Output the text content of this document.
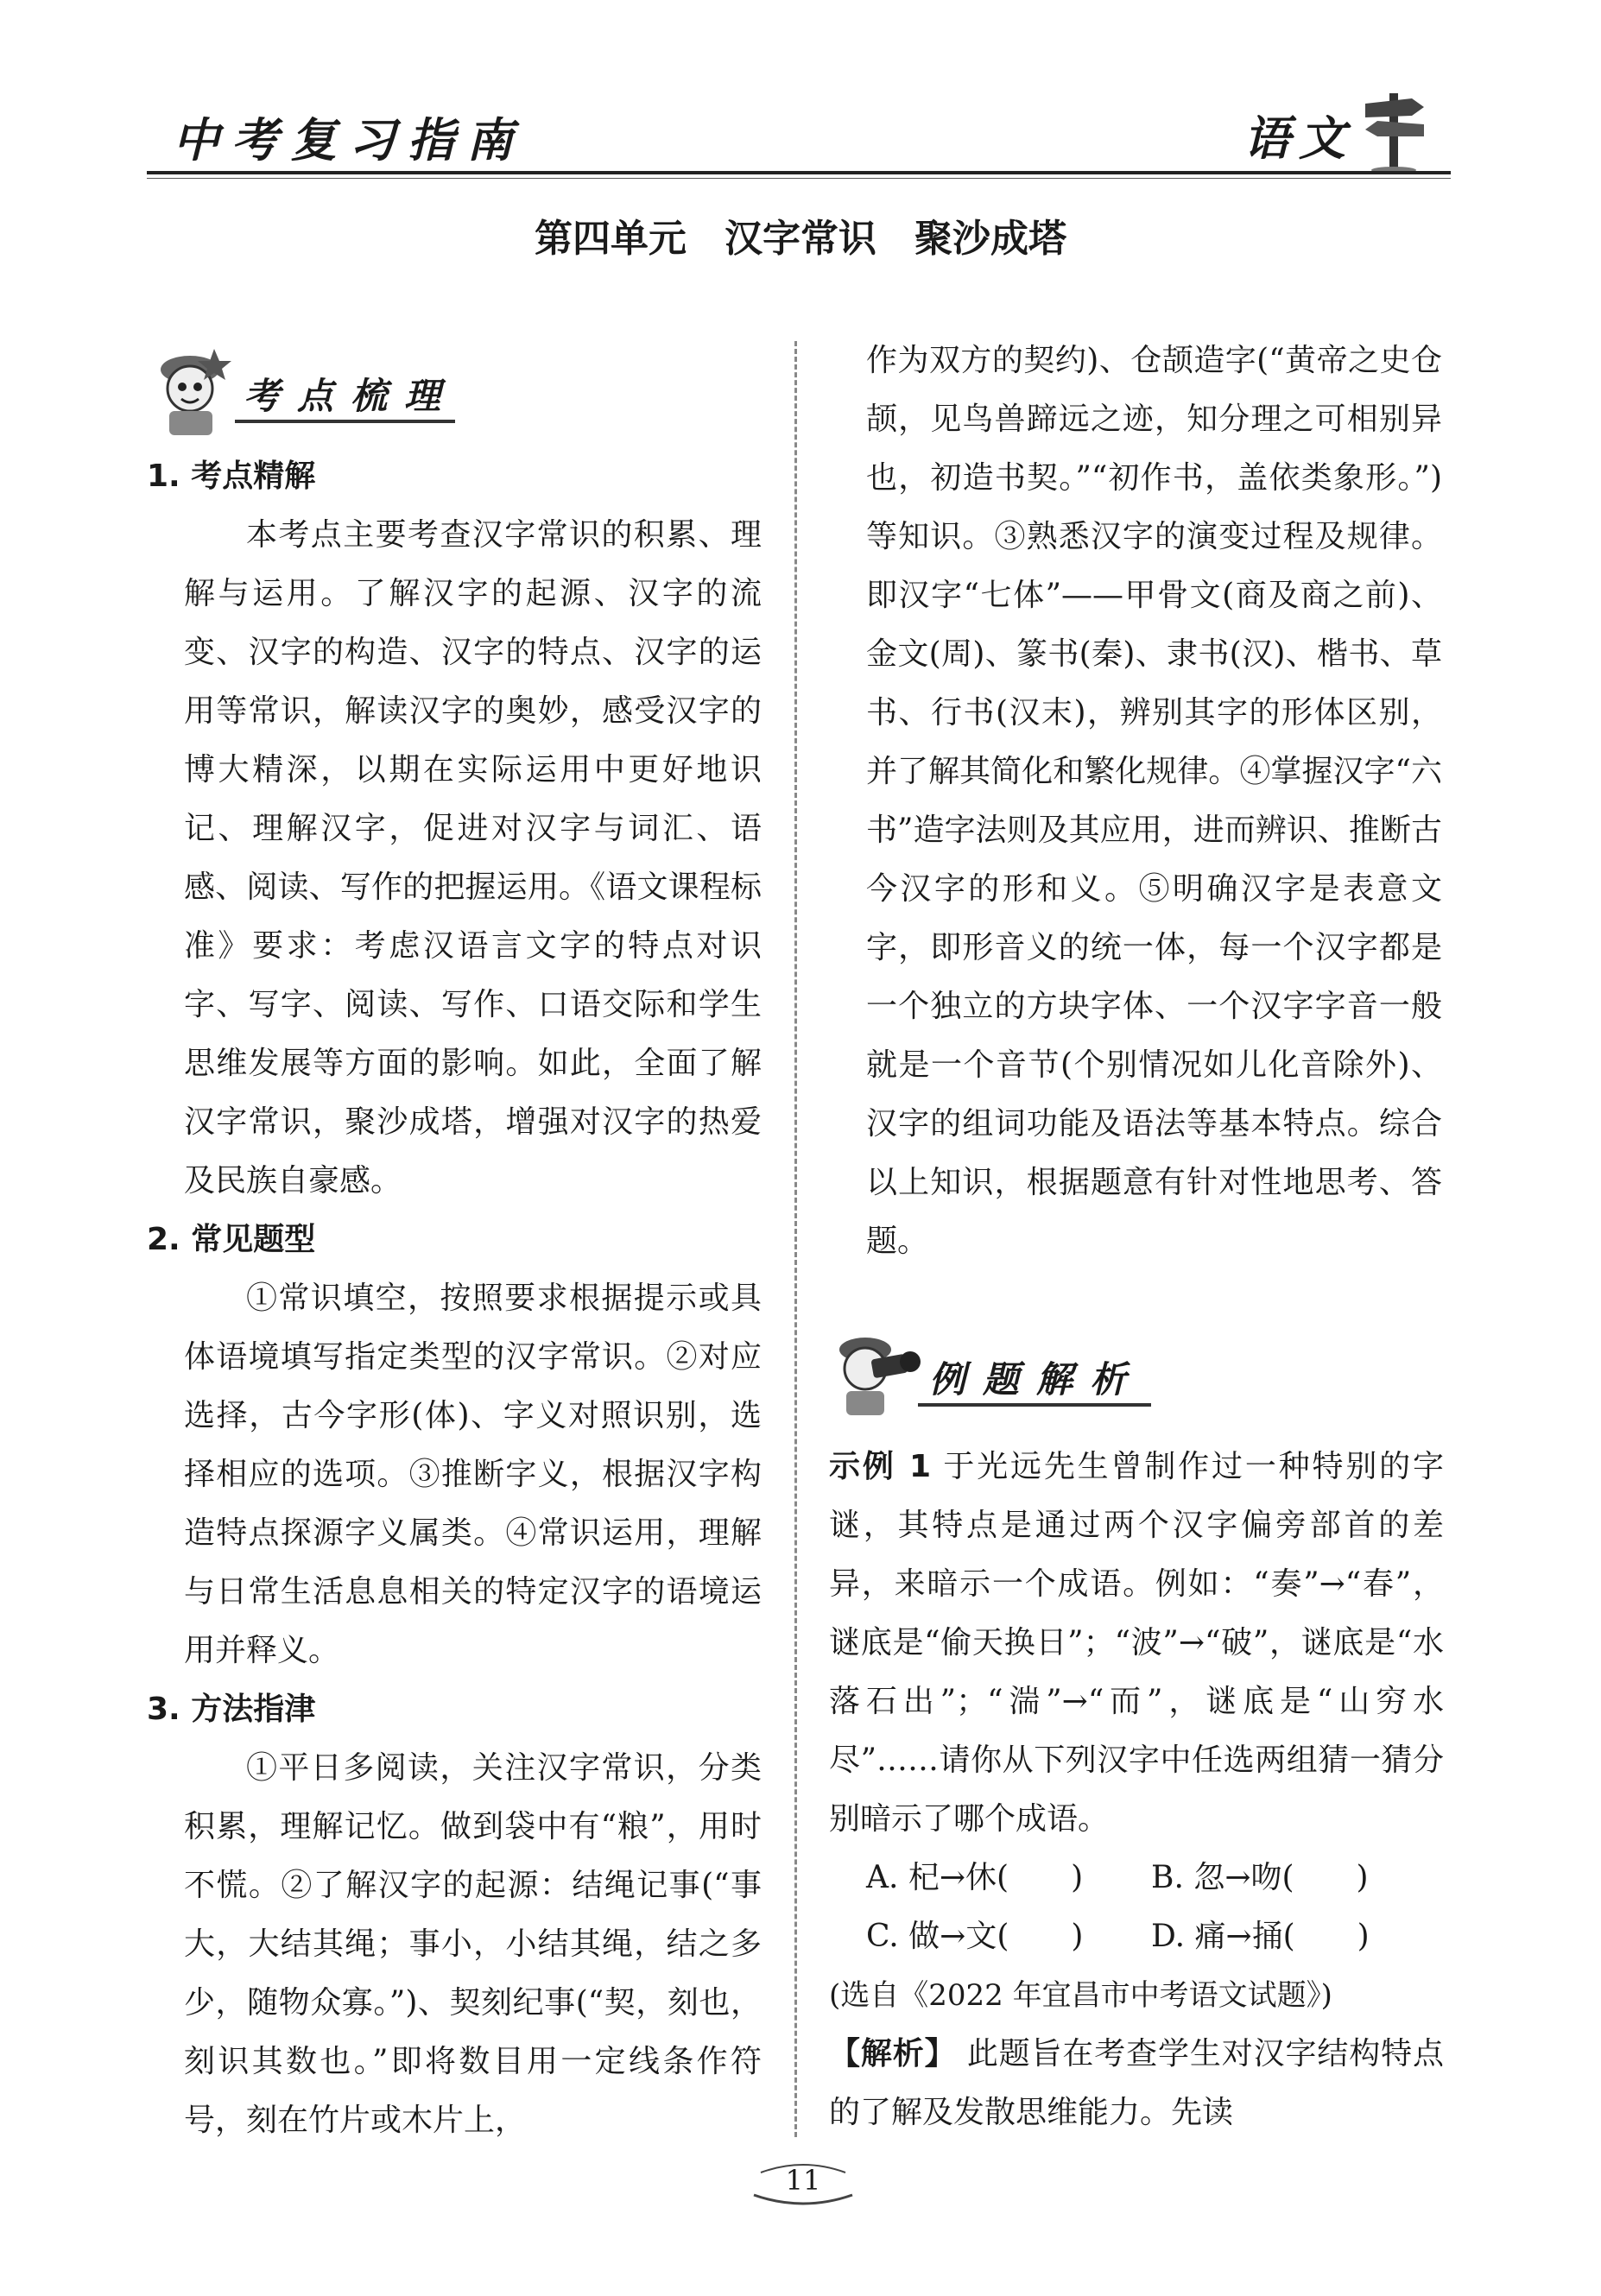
中考复习指南	语文
第四单元　汉字常识　聚沙成塔
考点梳理

1. 考点精解

本考点主要考查汉字常识的积累、理解与运用。了解汉字的起源、汉字的流变、汉字的构造、汉字的特点、汉字的运用等常识，解读汉字的奥妙，感受汉字的博大精深，以期在实际运用中更好地识记、理解汉字，促进对汉字与词汇、语感、阅读、写作的把握运用。《语文课程标准》要求：考虑汉语言文字的特点对识字、写字、阅读、写作、口语交际和学生思维发展等方面的影响。如此，全面了解汉字常识，聚沙成塔，增强对汉字的热爱及民族自豪感。

2. 常见题型

①常识填空，按照要求根据提示或具体语境填写指定类型的汉字常识。②对应选择，古今字形(体)、字义对照识别，选择相应的选项。③推断字义，根据汉字构造特点探源字义属类。④常识运用，理解与日常生活息息相关的特定汉字的语境运用并释义。

3. 方法指津

①平日多阅读，关注汉字常识，分类积累，理解记忆。做到袋中有“粮”，用时不慌。②了解汉字的起源：结绳记事(“事大，大结其绳；事小，小结其绳，结之多少，随物众寡。”)、契刻纪事(“契，刻也，刻识其数也。”即将数目用一定线条作符号，刻在竹片或木片上，

作为双方的契约)、仓颉造字(“黄帝之史仓颉，见鸟兽蹄远之迹，知分理之可相别异也，初造书契。”“初作书，盖依类象形。”)等知识。③熟悉汉字的演变过程及规律。即汉字“七体”——甲骨文(商及商之前)、金文(周)、篆书(秦)、隶书(汉)、楷书、草书、行书(汉末)，辨别其字的形体区别，并了解其简化和繁化规律。④掌握汉字“六书”造字法则及其应用，进而辨识、推断古今汉字的形和义。⑤明确汉字是表意文字，即形音义的统一体，每一个汉字都是一个独立的方块字体、一个汉字字音一般就是一个音节(个别情况如儿化音除外)、汉字的组词功能及语法等基本特点。综合以上知识，根据题意有针对性地思考、答题。

例题解析

示例 1 于光远先生曾制作过一种特别的字谜，其特点是通过两个汉字偏旁部首的差异，来暗示一个成语。例如：“奏”→“春”，谜底是“偷天换日”；“波”→“破”，谜底是“水落石出”；“湍”→“而”，谜底是“山穷水尽”……请你从下列汉字中任选两组猜一猜分别暗示了哪个成语。

A. 杞→休(　　)	B. 忽→吻(　　)
C. 做→文(　　)	D. 痛→捅(　　)

(选自《2022 年宜昌市中考语文试题》)

【解析】 此题旨在考查学生对汉字结构特点的了解及发散思维能力。先读

11
